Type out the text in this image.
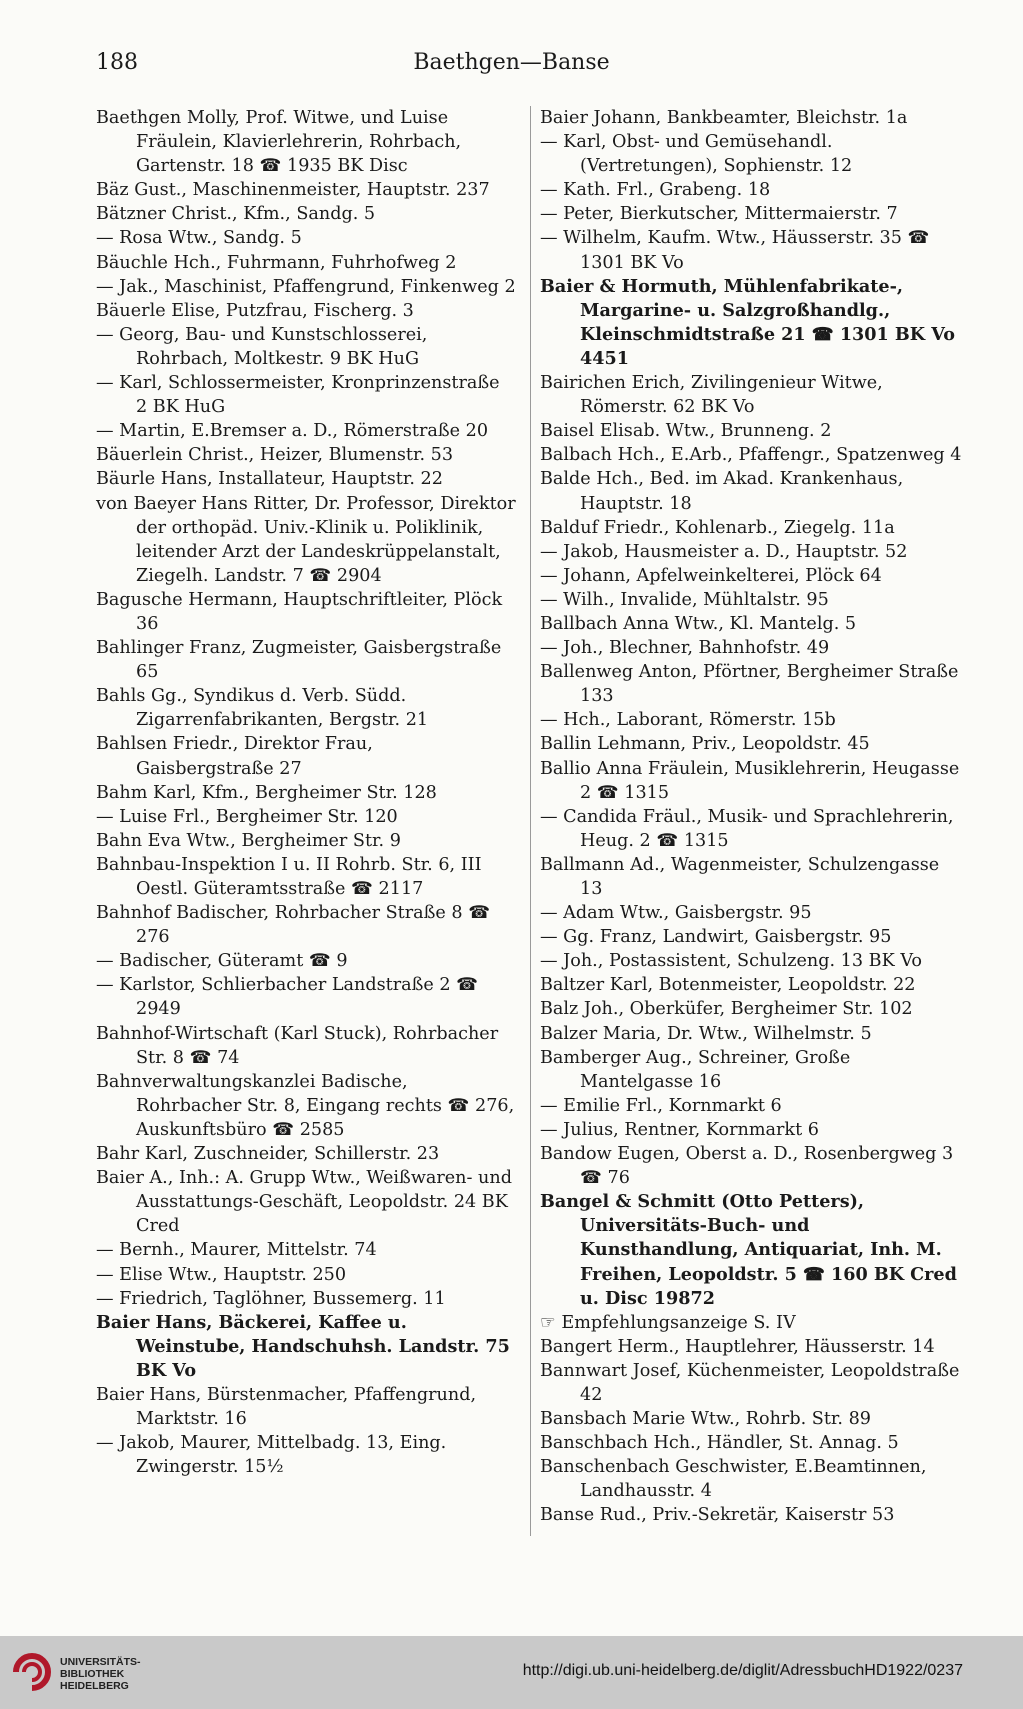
188	Baethgen—Banse

Baethgen Molly, Prof. Witwe, und Luise Fräulein, Klavierlehrerin, Rohrbach, Gartenstr. 18 ☎ 1935 BK Disc

Bäz Gust., Maschinenmeister, Hauptstr. 237

Bätzner Christ., Kfm., Sandg. 5

— Rosa Wtw., Sandg. 5

Bäuchle Hch., Fuhrmann, Fuhrhofweg 2

— Jak., Maschinist, Pfaffengrund, Finkenweg 2

Bäuerle Elise, Putzfrau, Fischerg. 3

— Georg, Bau- und Kunstschlosserei, Rohrbach, Moltkestr. 9 BK HuG

— Karl, Schlossermeister, Kronprinzenstraße 2 BK HuG

— Martin, E.Bremser a. D., Römerstraße 20

Bäuerlein Christ., Heizer, Blumenstr. 53

Bäurle Hans, Installateur, Hauptstr. 22

von Baeyer Hans Ritter, Dr. Professor, Direktor der orthopäd. Univ.-Klinik u. Poliklinik, leitender Arzt der Landeskrüppelanstalt, Ziegelh. Landstr. 7 ☎ 2904

Baguschе Hermann, Hauptschriftleiter, Plöck 36

Bahlinger Franz, Zugmeister, Gaisbergstraße 65

Bahls Gg., Syndikus d. Verb. Südd. Zigarrenfabrikanten, Bergstr. 21

Bahlsen Friedr., Direktor Frau, Gaisbergstraße 27

Bahm Karl, Kfm., Bergheimer Str. 128

— Luise Frl., Bergheimer Str. 120

Bahn Eva Wtw., Bergheimer Str. 9

Bahnbau-Inspektion I u. II Rohrb. Str. 6, III Oestl. Güteramtsstraße ☎ 2117

Bahnhof Badischer, Rohrbacher Straße 8 ☎ 276

— Badischer, Güteramt ☎ 9

— Karlstor, Schlierbacher Landstraße 2 ☎ 2949

Bahnhof-Wirtschaft (Karl Stuck), Rohrbacher Str. 8 ☎ 74

Bahnverwaltungskanzlei Badische, Rohrbacher Str. 8, Eingang rechts ☎ 276, Auskunftsbüro ☎ 2585

Bahr Karl, Zuschneider, Schillerstr. 23

Baier A., Inh.: A. Grupp Wtw., Weißwaren- und Ausstattungs-Geschäft, Leopoldstr. 24 BK Cred

— Bernh., Maurer, Mittelstr. 74

— Elise Wtw., Hauptstr. 250

— Friedrich, Taglöhner, Bussemerg. 11

Baier Hans, Bäckerei, Kaffee u. Weinstube, Handschuhsh. Landstr. 75 BK Vo

Baier Hans, Bürstenmacher, Pfaffengrund, Marktstr. 16

— Jakob, Maurer, Mittelbadg. 13, Eing. Zwingerstr. 15½

Baier Johann, Bankbeamter, Bleichstr. 1a

— Karl, Obst- und Gemüsehandl. (Vertretungen), Sophienstr. 12

— Kath. Frl., Grabeng. 18

— Peter, Bierkutscher, Mittermaierstr. 7

— Wilhelm, Kaufm. Wtw., Häusserstr. 35 ☎ 1301 BK Vo

Baier & Hormuth, Mühlenfabrikate-, Margarine- u. Salzgroßhandlg., Kleinschmidtstraße 21 ☎ 1301 BK Vo 4451

Bairichen Erich, Zivilingenieur Witwe, Römerstr. 62 BK Vo

Baisel Elisab. Wtw., Brunneng. 2

Balbach Hch., E.Arb., Pfaffengr., Spatzenweg 4

Balde Hch., Bed. im Akad. Krankenhaus, Hauptstr. 18

Balduf Friedr., Kohlenarb., Ziegelg. 11a

— Jakob, Hausmeister a. D., Hauptstr. 52

— Johann, Apfelweinkelterei, Plöck 64

— Wilh., Invalide, Mühltalstr. 95

Ballbach Anna Wtw., Kl. Mantelg. 5

— Joh., Blechner, Bahnhofstr. 49

Ballenweg Anton, Pförtner, Bergheimer Straße 133

— Hch., Laborant, Römerstr. 15b

Ballin Lehmann, Priv., Leopoldstr. 45

Ballio Anna Fräulein, Musiklehrerin, Heugasse 2 ☎ 1315

— Candida Fräul., Musik- und Sprachlehrerin, Heug. 2 ☎ 1315

Ballmann Ad., Wagenmeister, Schulzengasse 13

— Adam Wtw., Gaisbergstr. 95

— Gg. Franz, Landwirt, Gaisbergstr. 95

— Joh., Postassistent, Schulzeng. 13 BK Vo

Baltzer Karl, Botenmeister, Leopoldstr. 22

Balz Joh., Oberküfer, Bergheimer Str. 102

Balzer Maria, Dr. Wtw., Wilhelmstr. 5

Bamberger Aug., Schreiner, Große Mantelgasse 16

— Emilie Frl., Kornmarkt 6

— Julius, Rentner, Kornmarkt 6

Bandow Eugen, Oberst a. D., Rosenbergweg 3 ☎ 76

Bangel & Schmitt (Otto Petters), Universitäts-Buch- und Kunsthandlung, Antiquariat, Inh. M. Freihen, Leopoldstr. 5 ☎ 160 BK Cred u. Disc 19872

☞ Empfehlungsanzeige S. IV

Bangert Herm., Hauptlehrer, Häusserstr. 14

Bannwart Josef, Küchenmeister, Leopoldstraße 42

Bansbach Marie Wtw., Rohrb. Str. 89

Banschbach Hch., Händler, St. Annag. 5

Banschenbach Geschwister, E.Beamtinnen, Landhausstr. 4

Banse Rud., Priv.-Sekretär, Kaiserstr 53

UNIVERSITÄTS-
BIBLIOTHEK
HEIDELBERG
http://digi.ub.uni-heidelberg.de/diglit/AdressbuchHD1922/0237
